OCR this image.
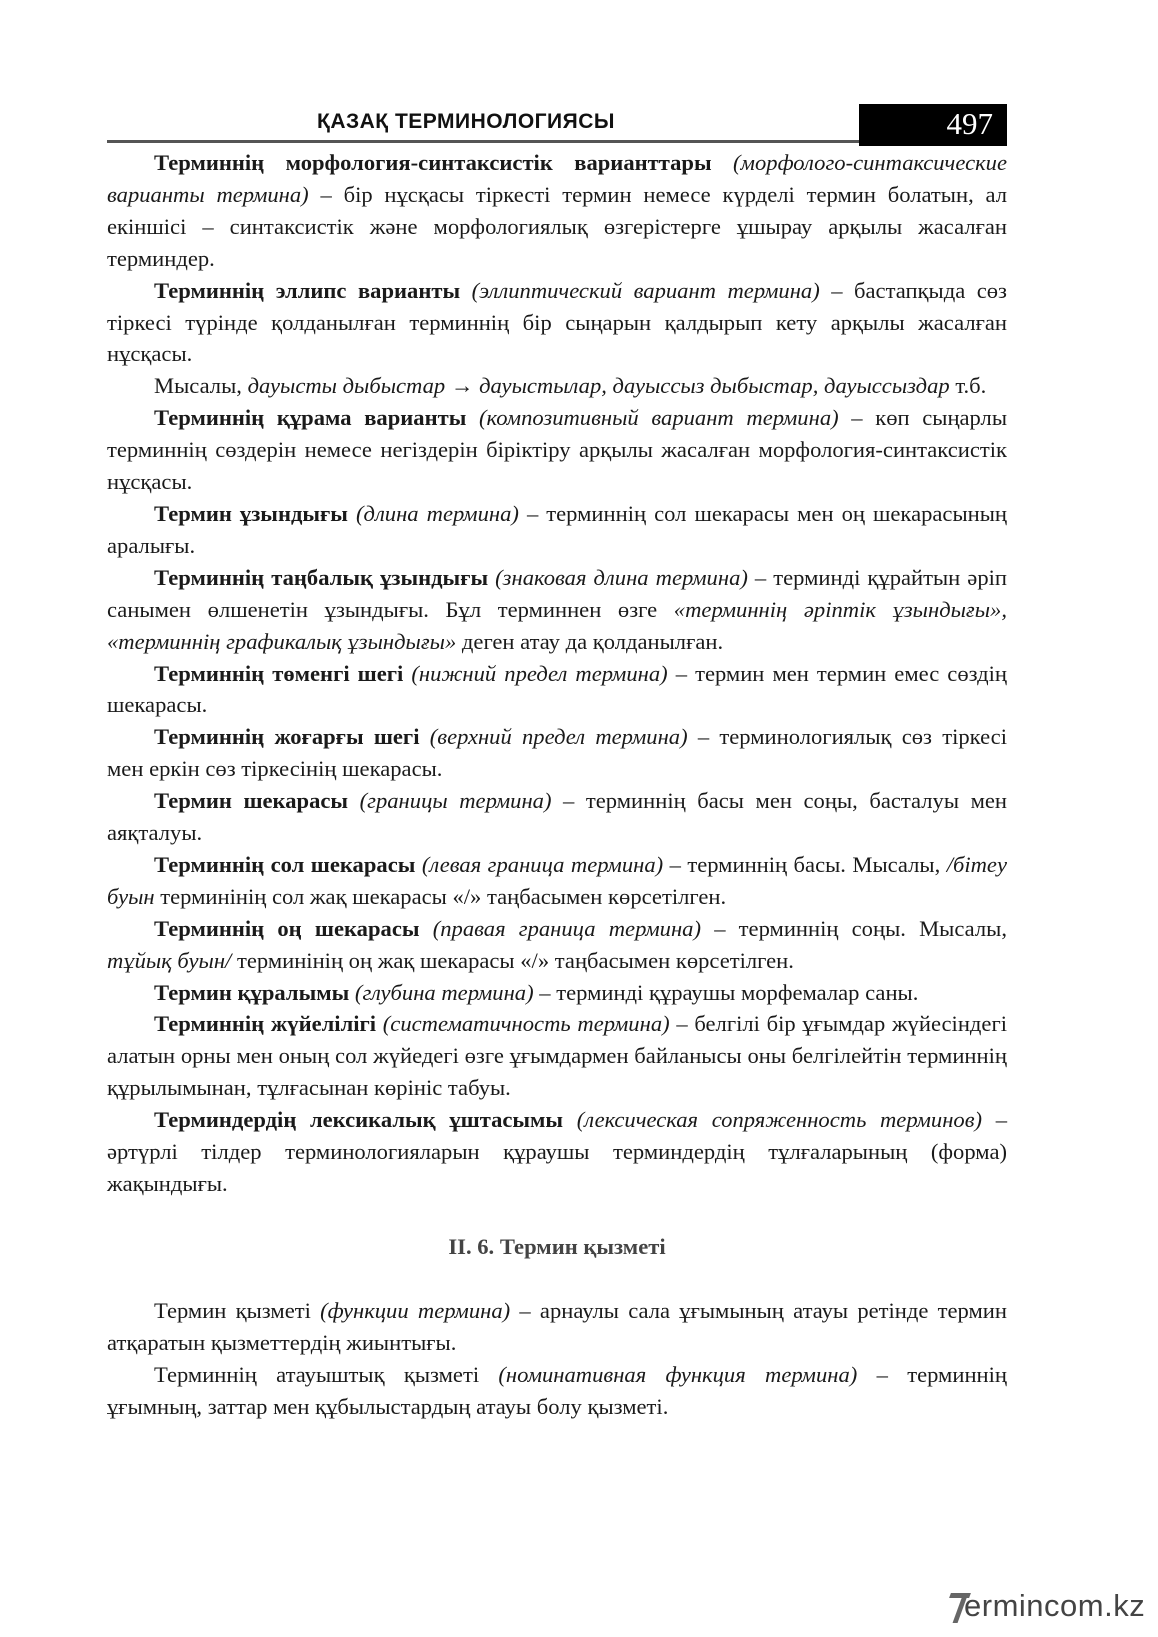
ҚАЗАҚ ТЕРМИНОЛОГИЯСЫ	497

Терминнің морфология-синтаксистік варианттары (морфолого-синтаксические варианты термина) – бір нұсқасы тіркесті термин немесе күрделі термин болатын, ал екіншісі – синтаксистік және морфологиялық өзгерістерге ұшырау арқылы жасалған терминдер.

Терминнің эллипс варианты (эллиптический вариант термина) – бастапқыда сөз тіркесі түрінде қолданылған терминнің бір сыңарын қалдырып кету арқылы жасалған нұсқасы.

Мысалы, дауысты дыбыстар → дауыстылар, дауыссыз дыбыстар, дауыссыздар т.б.

Терминнің құрама варианты (композитивный вариант термина) – көп сыңарлы терминнің сөздерін немесе негіздерін біріктіру арқылы жасалған морфология-синтаксистік нұсқасы.

Термин ұзындығы (длина термина) – терминнің сол шекарасы мен оң шекарасының аралығы.

Терминнің таңбалық ұзындығы (знаковая длина термина) – терминді құрайтын әріп санымен өлшенетін ұзындығы. Бұл терминнен өзге «терминнің әріптік ұзындығы», «терминнің графикалық ұзындығы» деген атау да қолданылған.

Терминнің төменгі шегі (нижний предел термина) – термин мен термин емес сөздің шекарасы.

Терминнің жоғарғы шегі (верхний предел термина) – терминологиялық сөз тіркесі мен еркін сөз тіркесінің шекарасы.

Термин шекарасы (границы термина) – терминнің басы мен соңы, басталуы мен аяқталуы.

Терминнің сол шекарасы (левая граница термина) – терминнің басы. Мысалы, /бітеу буын терминінің сол жақ шекарасы «/» таңбасымен көрсетілген.

Терминнің оң шекарасы (правая граница термина) – терминнің соңы. Мысалы, тұйық буын/ терминінің оң жақ шекарасы «/» таңбасымен көрсетілген.

Термин құралымы (глубина термина) – терминді құраушы морфемалар саны.

Терминнің жүйелілігі (систематичность термина) – белгілі бір ұғымдар жүйесіндегі алатын орны мен оның сол жүйедегі өзге ұғымдармен байланысы оны белгілейтін терминнің құрылымынан, тұлғасынан көрініс табуы.

Терминдердің лексикалық ұштасымы (лексическая сопряженность терминов) – әртүрлі тілдер терминологияларын құраушы терминдердің тұлғаларының (форма) жақындығы.

II. 6. Термин қызметі

Термин қызметі (функции термина) – арнаулы сала ұғымының атауы ретінде термин атқаратын қызметтердің жиынтығы.

Терминнің атауыштық қызметі (номинативная функция термина) – терминнің ұғымның, заттар мен құбылыстардың атауы болу қызметі.

ermincom.kz
